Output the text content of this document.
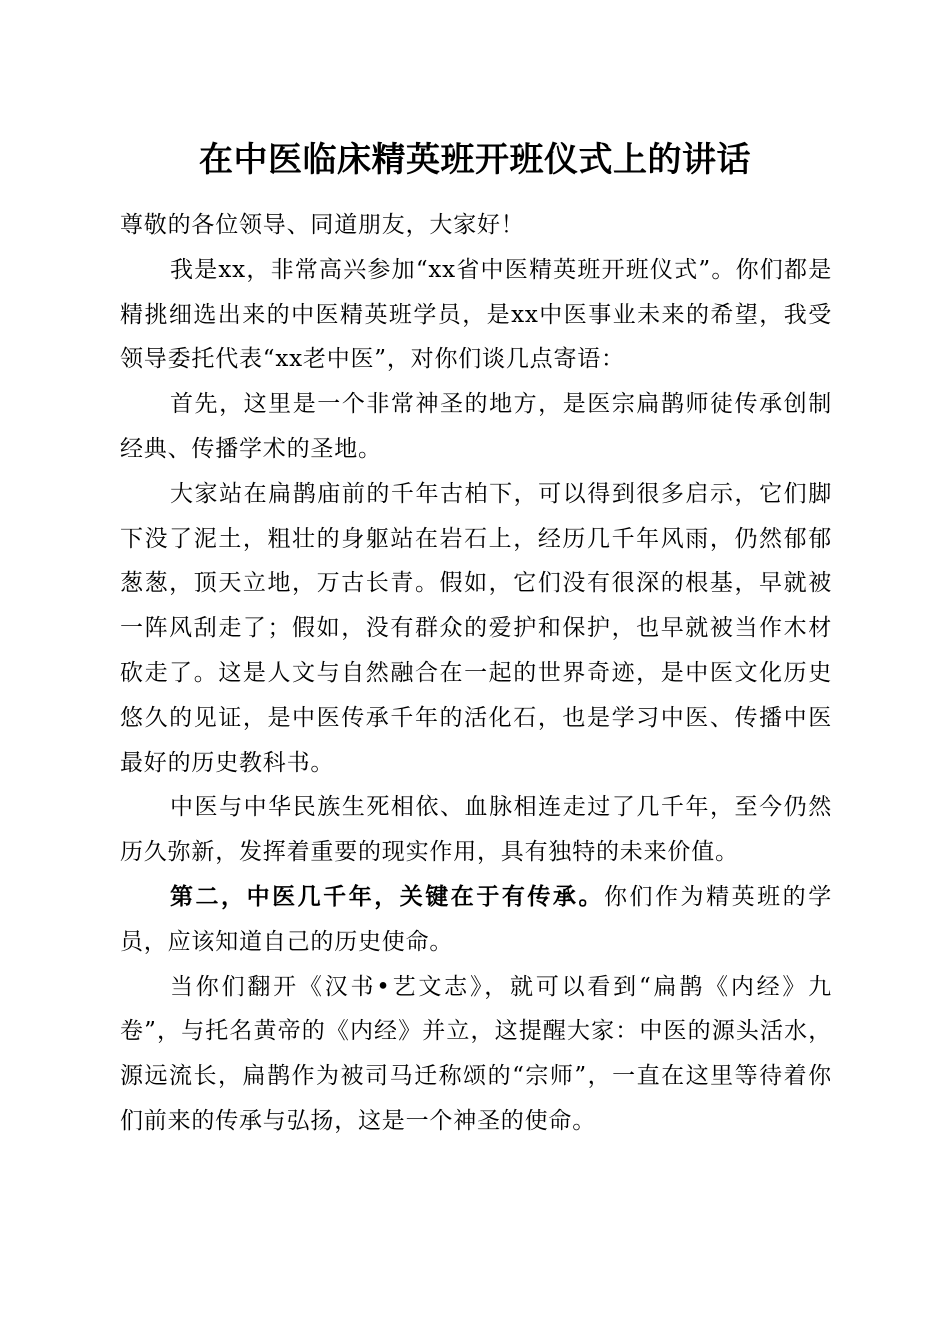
在中医临床精英班开班仪式上的讲话

尊敬的各位领导、同道朋友，大家好！

我是xx，非常高兴参加“xx省中医精英班开班仪式”。你们都是精挑细选出来的中医精英班学员，是xx中医事业未来的希望，我受领导委托代表“xx老中医”，对你们谈几点寄语：

首先，这里是一个非常神圣的地方，是医宗扁鹊师徒传承创制经典、传播学术的圣地。

大家站在扁鹊庙前的千年古柏下，可以得到很多启示，它们脚下没了泥土，粗壮的身躯站在岩石上，经历几千年风雨，仍然郁郁葱葱，顶天立地，万古长青。假如，它们没有很深的根基，早就被一阵风刮走了；假如，没有群众的爱护和保护，也早就被当作木材砍走了。这是人文与自然融合在一起的世界奇迹，是中医文化历史悠久的见证，是中医传承千年的活化石，也是学习中医、传播中医最好的历史教科书。

中医与中华民族生死相依、血脉相连走过了几千年，至今仍然历久弥新，发挥着重要的现实作用，具有独特的未来价值。

第二，中医几千年，关键在于有传承。你们作为精英班的学员，应该知道自己的历史使命。

当你们翻开《汉书•艺文志》，就可以看到“扁鹊《内经》九卷”，与托名黄帝的《内经》并立，这提醒大家：中医的源头活水，源远流长，扁鹊作为被司马迁称颂的“宗师”，一直在这里等待着你们前来的传承与弘扬，这是一个神圣的使命。
